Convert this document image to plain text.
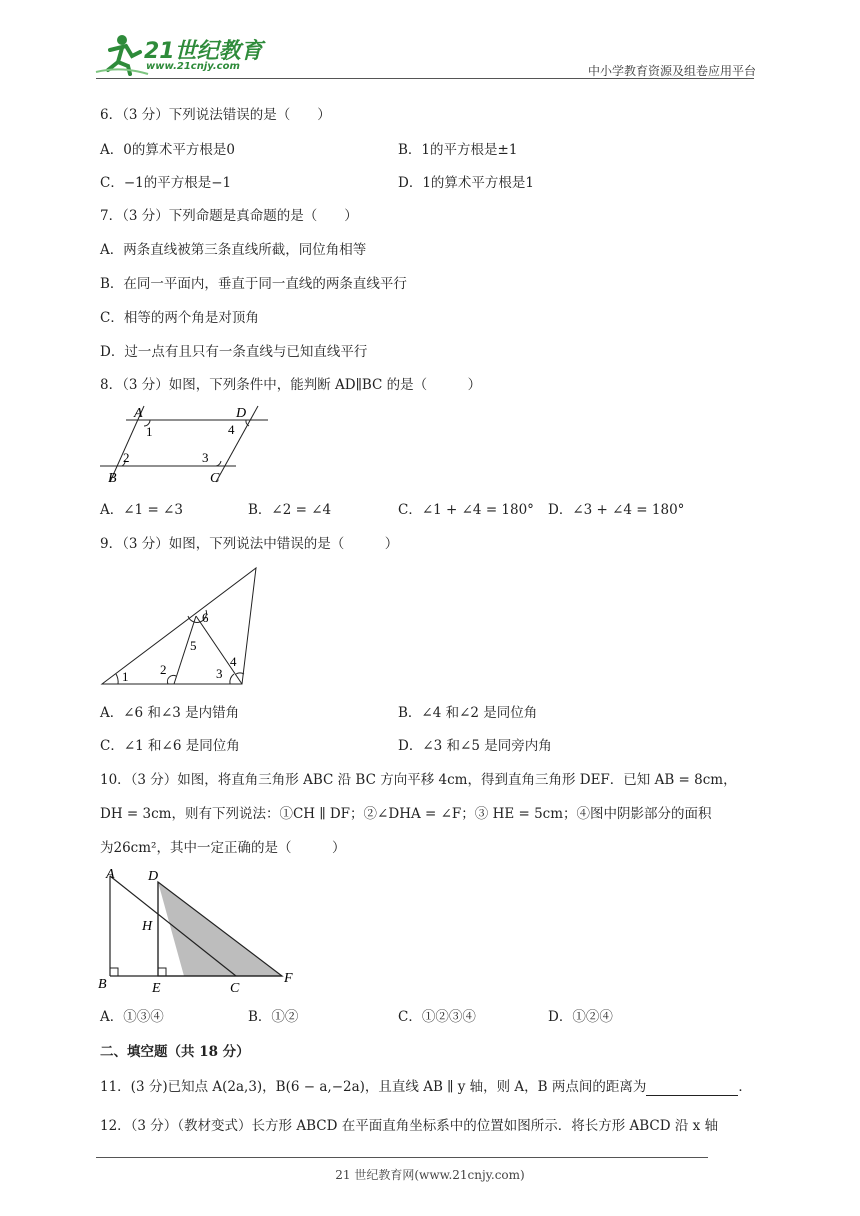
21世纪教育
www.21cnjy.com	中小学教育资源及组卷应用平台
6．（3 分）下列说法错误的是（　　）
A．0的算术平方根是0	B．1的平方根是±1
C．−1的平方根是−1	D．1的算术平方根是1
7．（3 分）下列命题是真命题的是（　　）
A．两条直线被第三条直线所截，同位角相等
B．在同一平面内，垂直于同一直线的两条直线平行
C．相等的两个角是对顶角
D．过一点有且只有一条直线与已知直线平行
8．（3 分）如图，下列条件中，能判断 AD∥BC 的是（　　　）
A	D
1	4
2	3
B	C
A．∠1 = ∠3	B．∠2 = ∠4	C．∠1 + ∠4 = 180° D．∠3 + ∠4 = 180°
9．（3 分）如图，下列说法中错误的是（　　　）
6
5
1 2	3
4
A．∠6 和∠3 是内错角	B．∠4 和∠2 是同位角
C．∠1 和∠6 是同位角	D．∠3 和∠5 是同旁内角
10．（3 分）如图，将直角三角形 ABC 沿 BC 方向平移 4cm，得到直角三角形 DEF．已知 AB = 8cm，
DH = 3cm，则有下列说法：①CH ∥ DF；②∠DHA = ∠F；③ HE = 5cm；④图中阴影部分的面积
为26cm²，其中一定正确的是（　　　）
A D
H
B	E	C
F
A．①③④	B．①②	C．①②③④	D．①②④
二、填空题（共 18 分）
11．(3 分)已知点 A(2a,3)，B(6 − a,−2a)，且直线 AB ∥ y 轴，则 A，B 两点间的距离为	．
12．（3 分）（教材变式）长方形 ABCD 在平面直角坐标系中的位置如图所示．将长方形 ABCD 沿 x 轴
21 世纪教育网(www.21cnjy.com)
